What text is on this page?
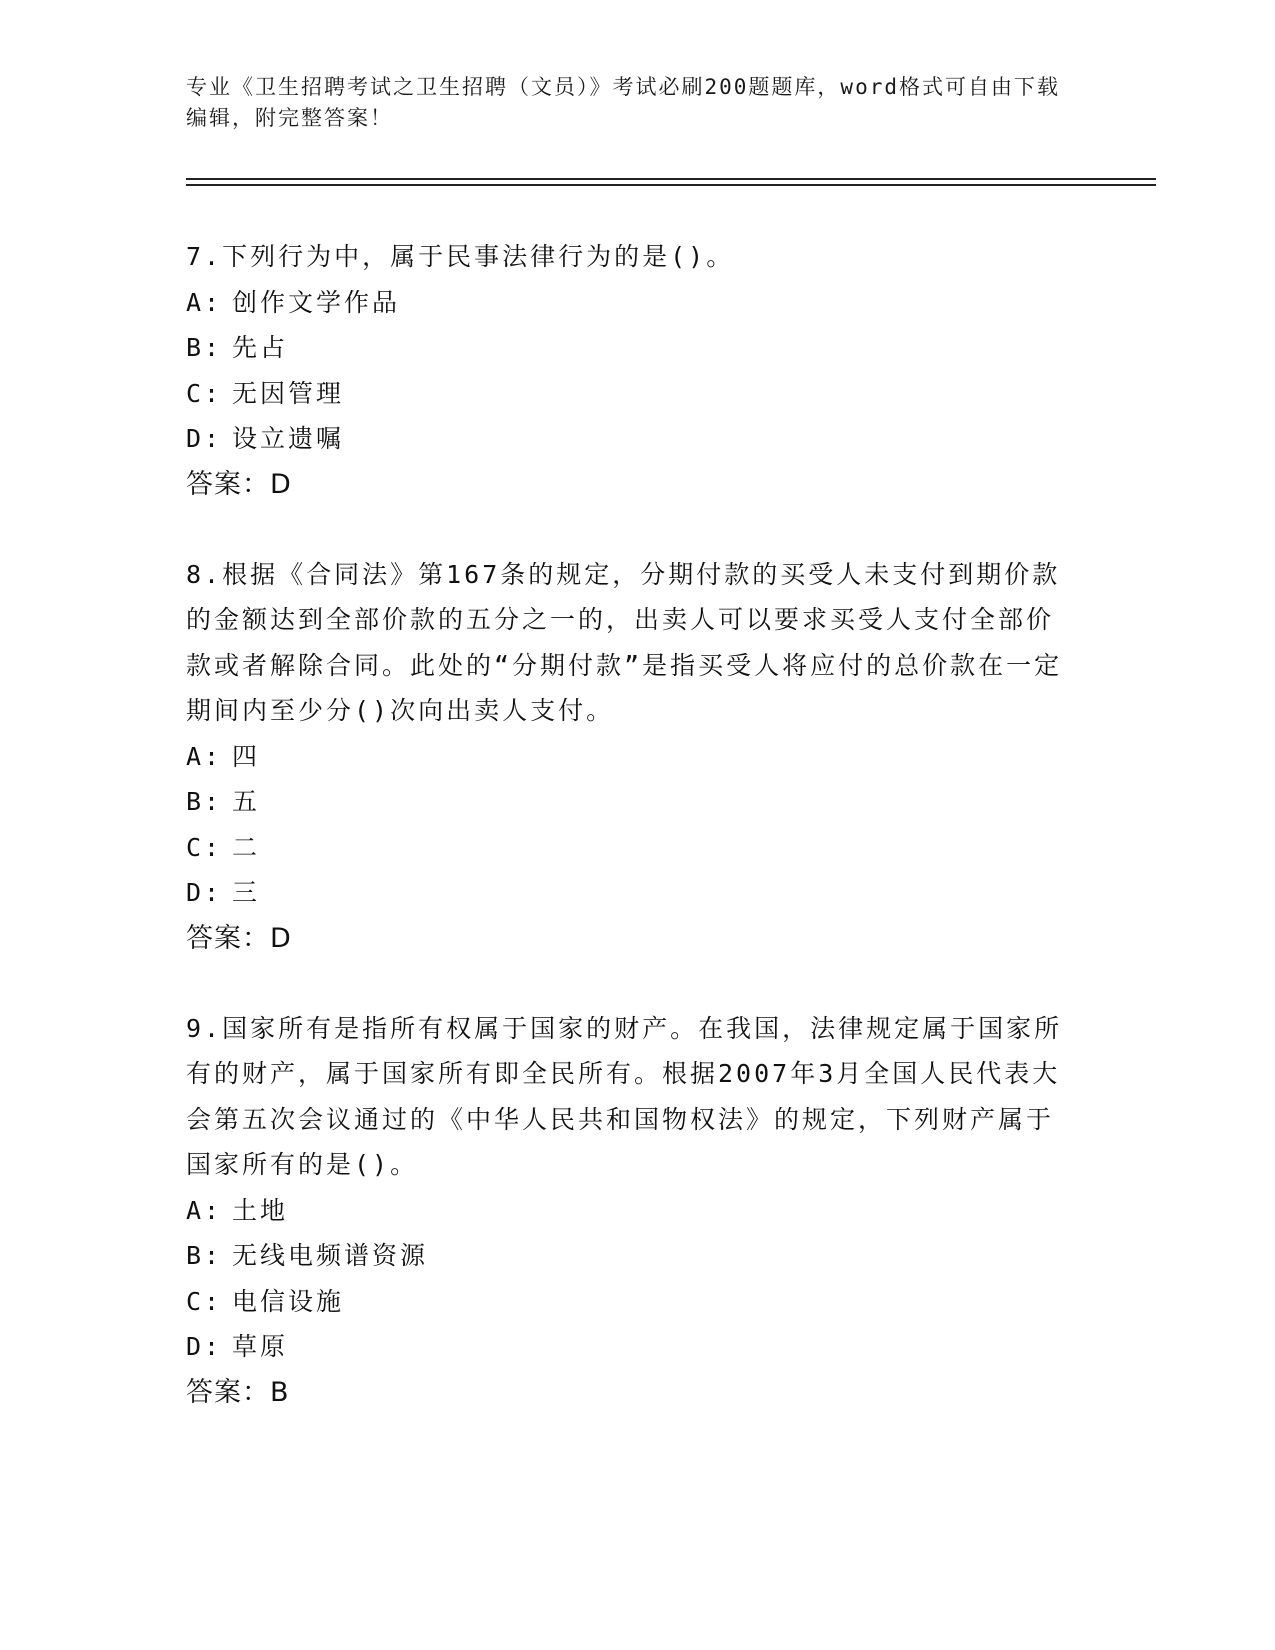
专业《卫生招聘考试之卫生招聘（文员）》考试必刷200题题库，word格式可自由下载编辑，附完整答案！
7.下列行为中，属于民事法律行为的是()。
A: 创作文学作品
B: 先占
C: 无因管理
D: 设立遗嘱
答案：D
8.根据《合同法》第167条的规定，分期付款的买受人未支付到期价款的金额达到全部价款的五分之一的，出卖人可以要求买受人支付全部价款或者解除合同。此处的“分期付款”是指买受人将应付的总价款在一定期间内至少分()次向出卖人支付。
A: 四
B: 五
C: 二
D: 三
答案：D
9.国家所有是指所有权属于国家的财产。在我国，法律规定属于国家所有的财产，属于国家所有即全民所有。根据2007年3月全国人民代表大会第五次会议通过的《中华人民共和国物权法》的规定，下列财产属于国家所有的是()。
A: 土地
B: 无线电频谱资源
C: 电信设施
D: 草原
答案：B
